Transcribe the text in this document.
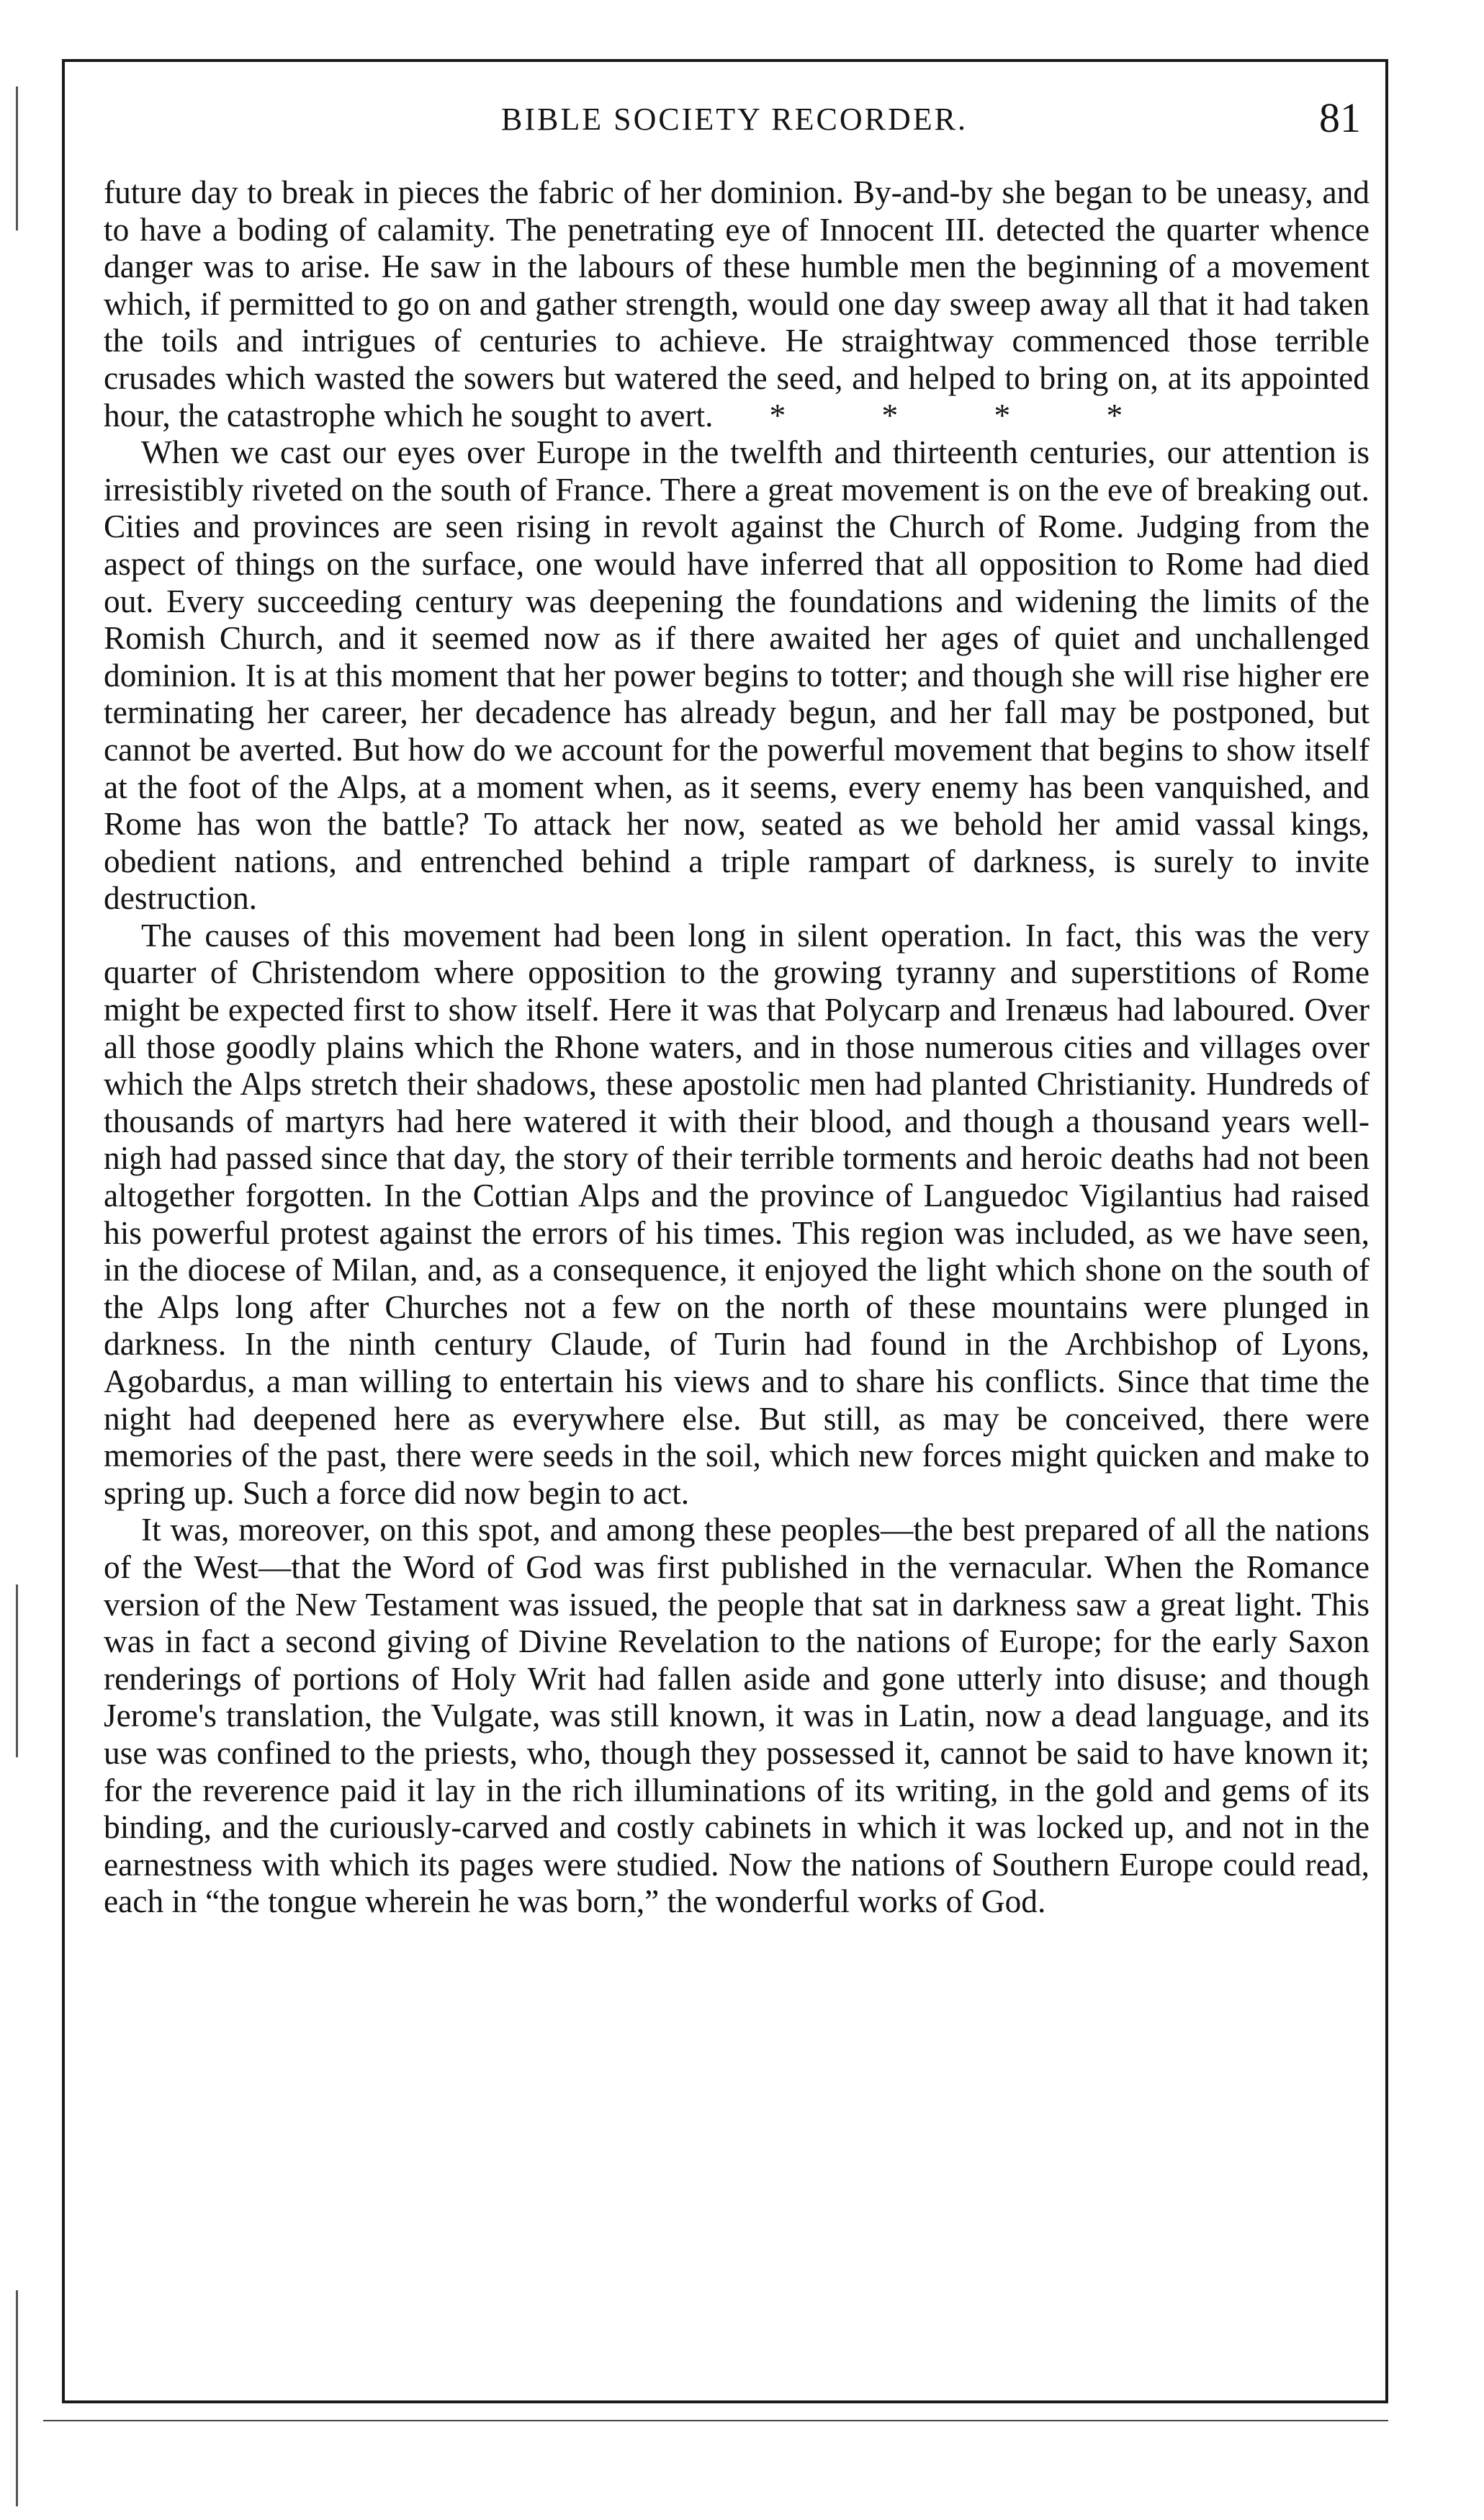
BIBLE SOCIETY RECORDER.	81

future day to break in pieces the fabric of her dominion. By-and-by she began to be uneasy, and to have a boding of calamity. The penetrating eye of Innocent III. detected the quarter whence danger was to arise. He saw in the labours of these humble men the beginning of a movement which, if permitted to go on and gather strength, would one day sweep away all that it had taken the toils and intrigues of centuries to achieve. He straightway commenced those terrible crusades which wasted the sowers but watered the seed, and helped to bring on, at its appointed hour, the catastrophe which he sought to avert. *	*	*	*

When we cast our eyes over Europe in the twelfth and thirteenth centuries, our attention is irresistibly riveted on the south of France. There a great movement is on the eve of breaking out. Cities and provinces are seen rising in revolt against the Church of Rome. Judging from the aspect of things on the surface, one would have inferred that all opposition to Rome had died out. Every succeeding century was deepening the foundations and widening the limits of the Romish Church, and it seemed now as if there awaited her ages of quiet and unchallenged dominion. It is at this moment that her power begins to totter; and though she will rise higher ere terminating her career, her decadence has already begun, and her fall may be postponed, but cannot be averted. But how do we account for the powerful movement that begins to show itself at the foot of the Alps, at a moment when, as it seems, every enemy has been vanquished, and Rome has won the battle? To attack her now, seated as we behold her amid vassal kings, obedient nations, and entrenched behind a triple rampart of darkness, is surely to invite destruction.

The causes of this movement had been long in silent operation. In fact, this was the very quarter of Christendom where opposition to the growing tyranny and superstitions of Rome might be expected first to show itself. Here it was that Polycarp and Irenæus had laboured. Over all those goodly plains which the Rhone waters, and in those numerous cities and villages over which the Alps stretch their shadows, these apostolic men had planted Christianity. Hundreds of thousands of martyrs had here watered it with their blood, and though a thousand years well-nigh had passed since that day, the story of their terrible torments and heroic deaths had not been altogether forgotten. In the Cottian Alps and the province of Languedoc Vigilantius had raised his powerful protest against the errors of his times. This region was included, as we have seen, in the diocese of Milan, and, as a consequence, it enjoyed the light which shone on the south of the Alps long after Churches not a few on the north of these mountains were plunged in darkness. In the ninth century Claude, of Turin had found in the Archbishop of Lyons, Agobardus, a man willing to entertain his views and to share his conflicts. Since that time the night had deepened here as everywhere else. But still, as may be conceived, there were memories of the past, there were seeds in the soil, which new forces might quicken and make to spring up. Such a force did now begin to act.

It was, moreover, on this spot, and among these peoples—the best prepared of all the nations of the West—that the Word of God was first published in the vernacular. When the Romance version of the New Testament was issued, the people that sat in darkness saw a great light. This was in fact a second giving of Divine Revelation to the nations of Europe; for the early Saxon renderings of portions of Holy Writ had fallen aside and gone utterly into disuse; and though Jerome's translation, the Vulgate, was still known, it was in Latin, now a dead language, and its use was confined to the priests, who, though they possessed it, cannot be said to have known it; for the reverence paid it lay in the rich illuminations of its writing, in the gold and gems of its binding, and the curiously-carved and costly cabinets in which it was locked up, and not in the earnestness with which its pages were studied. Now the nations of Southern Europe could read, each in “the tongue wherein he was born,” the wonderful works of God.
